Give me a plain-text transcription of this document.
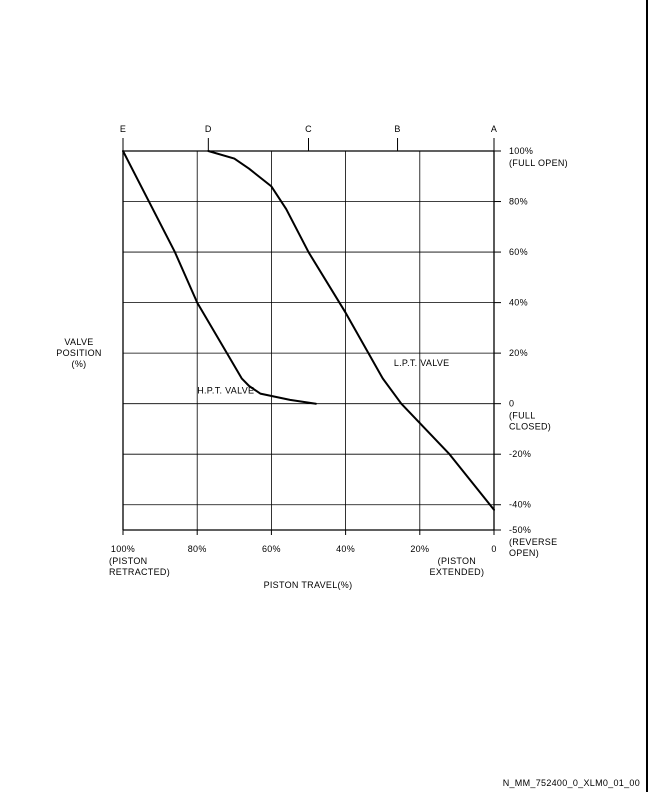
PISTON TRAVEL(%)
100%	80%	60%	40%	20%	0
(PISTON
RETRACTED)
(PISTON
EXTENDED)
100%
(FULL OPEN)
80%
60%
40%
20%
0
(FULL
CLOSED)
-20%
-40%
-50%
(REVERSE
OPEN)
VALVE
POSITION
(%)
E	D	C	B	A
H.P.T. VALVE
L.P.T. VALVE
N_MM_752400_0_XLM0_01_00
